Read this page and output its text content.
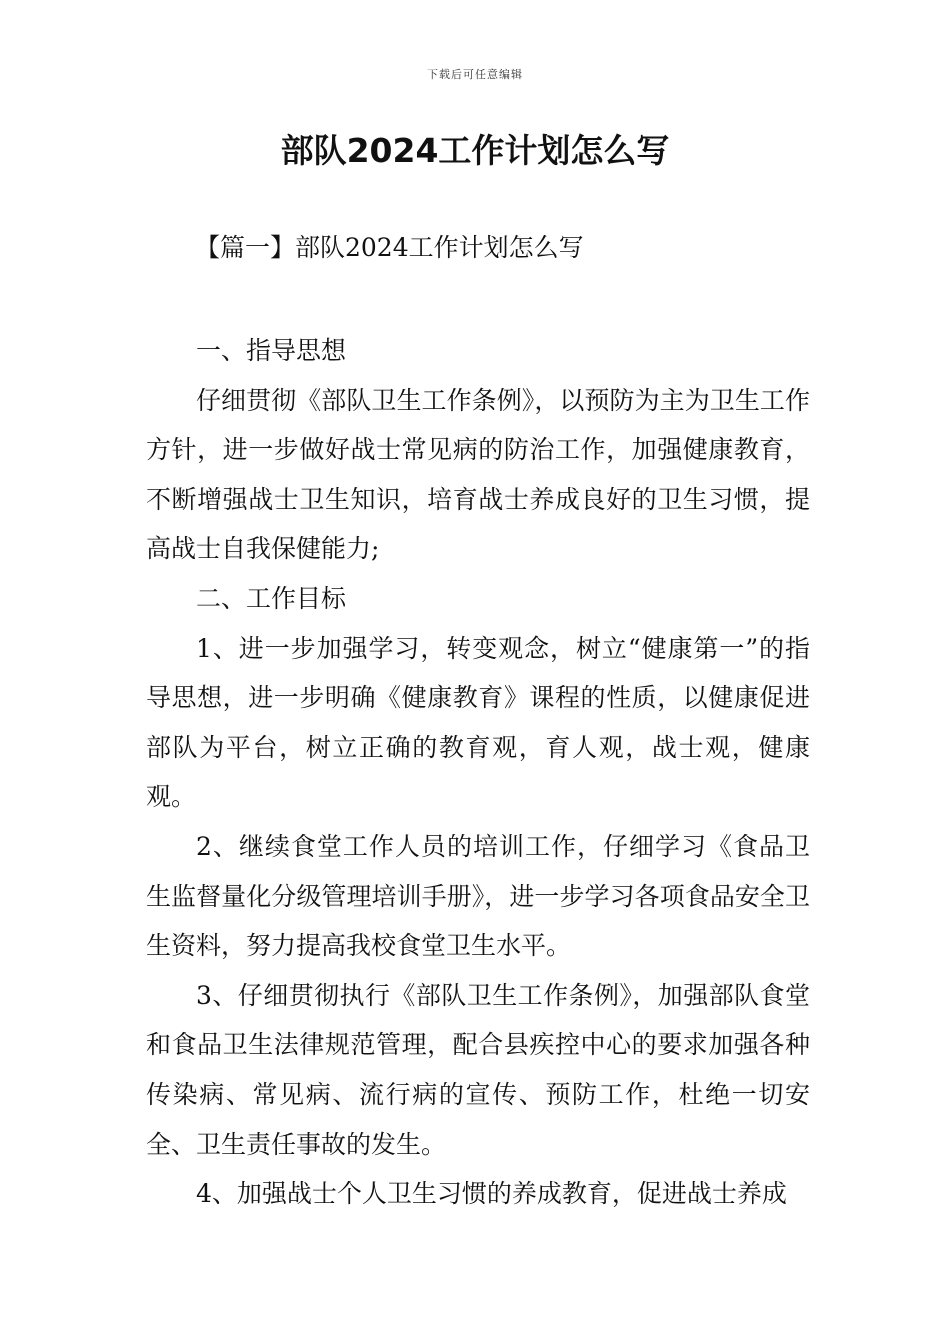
下载后可任意编辑
部队2024工作计划怎么写
【篇一】部队2024工作计划怎么写

一、指导思想

仔细贯彻《部队卫生工作条例》，以预防为主为卫生工作方针，进一步做好战士常见病的防治工作，加强健康教育，不断增强战士卫生知识，培育战士养成良好的卫生习惯，提高战士自我保健能力;

二、工作目标

1、进一步加强学习，转变观念，树立“健康第一”的指导思想，进一步明确《健康教育》课程的性质，以健康促进部队为平台，树立正确的教育观，育人观，战士观，健康观。

2、继续食堂工作人员的培训工作，仔细学习《食品卫生监督量化分级管理培训手册》，进一步学习各项食品安全卫生资料，努力提高我校食堂卫生水平。

3、仔细贯彻执行《部队卫生工作条例》，加强部队食堂和食品卫生法律规范管理，配合县疾控中心的要求加强各种传染病、常见病、流行病的宣传、预防工作，杜绝一切安全、卫生责任事故的发生。

4、加强战士个人卫生习惯的养成教育，促进战士养成
